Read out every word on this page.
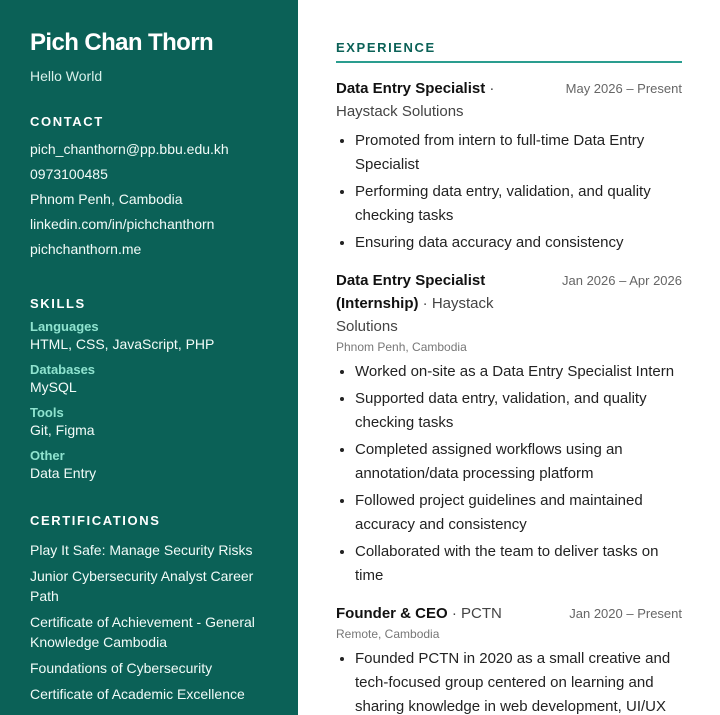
Pich Chan Thorn
Hello World
CONTACT
pich_chanthorn@pp.bbu.edu.kh
0973100485
Phnom Penh, Cambodia
linkedin.com/in/pichchanthorn
pichchanthorn.me
SKILLS
Languages
HTML, CSS, JavaScript, PHP
Databases
MySQL
Tools
Git, Figma
Other
Data Entry
CERTIFICATIONS
Play It Safe: Manage Security Risks
Junior Cybersecurity Analyst Career Path
Certificate of Achievement - General Knowledge Cambodia
Foundations of Cybersecurity
Certificate of Academic Excellence
EXPERIENCE
Data Entry Specialist · Haystack Solutions
May 2026 – Present
• Promoted from intern to full-time Data Entry Specialist
• Performing data entry, validation, and quality checking tasks
• Ensuring data accuracy and consistency
Data Entry Specialist (Internship) · Haystack Solutions
Jan 2026 – Apr 2026
Phnom Penh, Cambodia
• Worked on-site as a Data Entry Specialist Intern
• Supported data entry, validation, and quality checking tasks
• Completed assigned workflows using an annotation/data processing platform
• Followed project guidelines and maintained accuracy and consistency
• Collaborated with the team to deliver tasks on time
Founder & CEO · PCTN	Jan 2020 – Present
Remote, Cambodia
• Founded PCTN in 2020 as a small creative and tech-focused group centered on learning and sharing knowledge in web development, UI/UX
